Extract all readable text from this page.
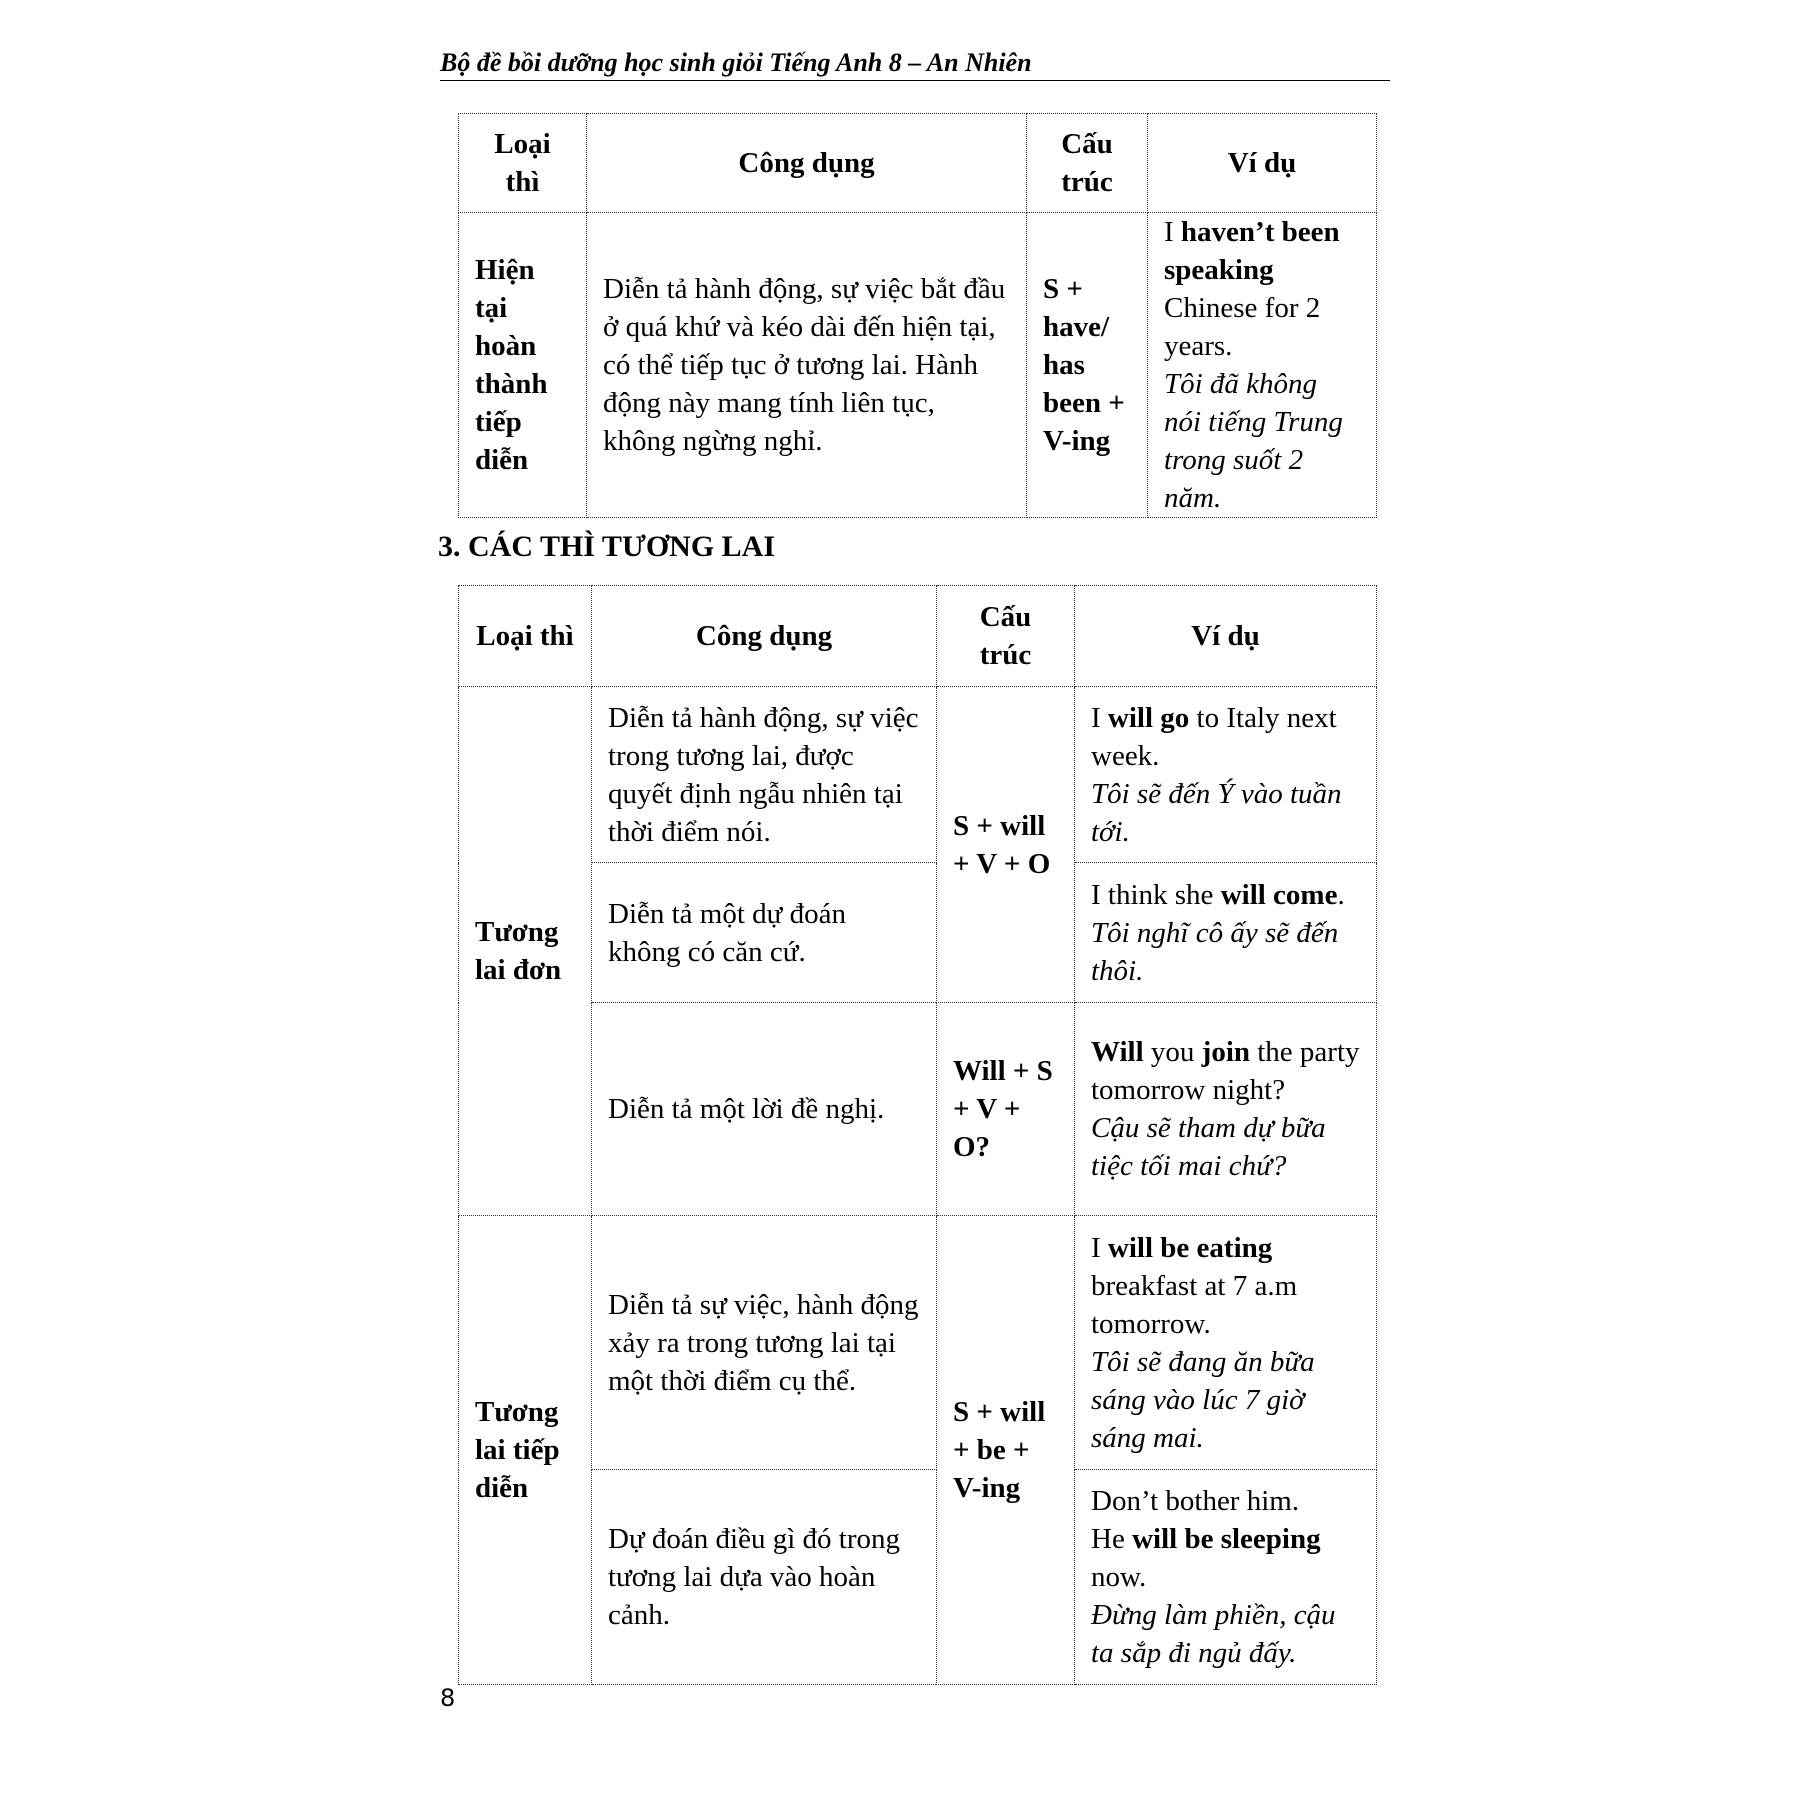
Bộ đề bồi dưỡng học sinh giỏi Tiếng Anh 8 – An Nhiên
Loại thì	Công dụng	Cấu trúc	Ví dụ
Hiện tại hoàn thành tiếp diễn	Diễn tả hành động, sự việc bắt đầu ở quá khứ và kéo dài đến hiện tại, có thể tiếp tục ở tương lai. Hành động này mang tính liên tục, không ngừng nghỉ.	S + have/ has been + V-ing	I haven’t been speaking Chinese for 2 years.
Tôi đã không nói tiếng Trung trong suốt 2 năm.
3. CÁC THÌ TƯƠNG LAI
Loại thì	Công dụng	Cấu trúc	Ví dụ
Tương lai đơn	Diễn tả hành động, sự việc trong tương lai, được quyết định ngẫu nhiên tại thời điểm nói.	S + will + V + O	I will go to Italy next week.
Tôi sẽ đến Ý vào tuần tới.

	Diễn tả một dự đoán không có căn cứ.		I think she will come.
Tôi nghĩ cô ấy sẽ đến thôi.

	Diễn tả một lời đề nghị.	Will + S + V + O?	Will you join the party tomorrow night?
Cậu sẽ tham dự bữa tiệc tối mai chứ?

Tương lai tiếp diễn	Diễn tả sự việc, hành động xảy ra trong tương lai tại một thời điểm cụ thể.	S + will + be + V-ing	I will be eating breakfast at 7 a.m tomorrow.
Tôi sẽ đang ăn bữa sáng vào lúc 7 giờ sáng mai.

	Dự đoán điều gì đó trong tương lai dựa vào hoàn cảnh.		Don’t bother him.
He will be sleeping now.
Đừng làm phiền, cậu ta sắp đi ngủ đấy.
8
